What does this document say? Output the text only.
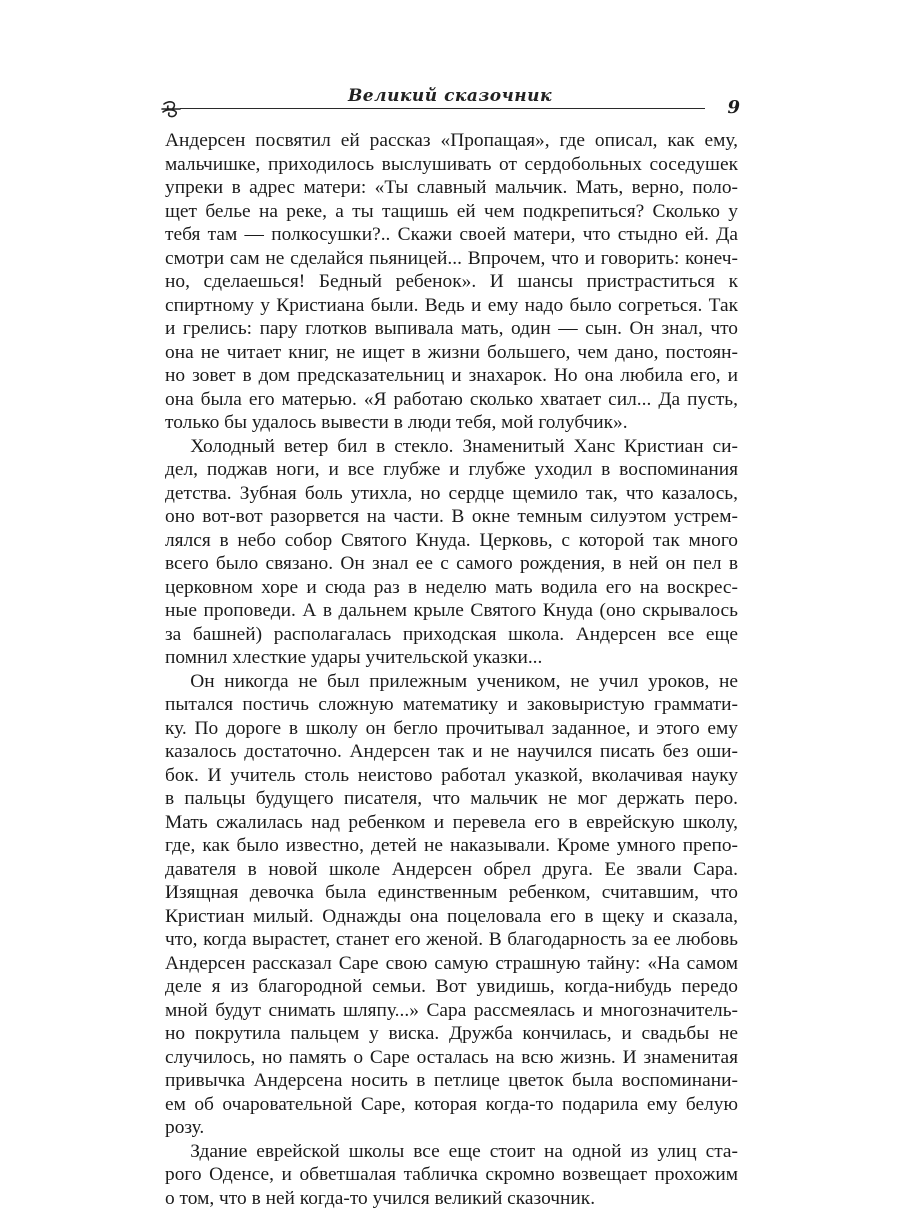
Великий сказочник
9
Андерсен посвятил ей рассказ «Пропащая», где описал, как ему,
мальчишке, приходилось выслушивать от сердобольных соседушек
упреки в адрес матери: «Ты славный мальчик. Мать, верно, поло-
щет белье на реке, а ты тащишь ей чем подкрепиться? Сколько у
тебя там — полкосушки?.. Скажи своей матери, что стыдно ей. Да
смотри сам не сделайся пьяницей... Впрочем, что и говорить: конеч-
но, сделаешься! Бедный ребенок». И шансы пристраститься к
спиртному у Кристиана были. Ведь и ему надо было согреться. Так
и грелись: пару глотков выпивала мать, один — сын. Он знал, что
она не читает книг, не ищет в жизни большего, чем дано, постоян-
но зовет в дом предсказательниц и знахарок. Но она любила его, и
она была его матерью. «Я работаю сколько хватает сил... Да пусть,
только бы удалось вывести в люди тебя, мой голубчик».
Холодный ветер бил в стекло. Знаменитый Ханс Кристиан си-
дел, поджав ноги, и все глубже и глубже уходил в воспоминания
детства. Зубная боль утихла, но сердце щемило так, что казалось,
оно вот-вот разорвется на части. В окне темным силуэтом устрем-
лялся в небо собор Святого Кнуда. Церковь, с которой так много
всего было связано. Он знал ее с самого рождения, в ней он пел в
церковном хоре и сюда раз в неделю мать водила его на воскрес-
ные проповеди. А в дальнем крыле Святого Кнуда (оно скрывалось
за башней) располагалась приходская школа. Андерсен все еще
помнил хлесткие удары учительской указки...
Он никогда не был прилежным учеником, не учил уроков, не
пытался постичь сложную математику и заковыристую граммати-
ку. По дороге в школу он бегло прочитывал заданное, и этого ему
казалось достаточно. Андерсен так и не научился писать без оши-
бок. И учитель столь неистово работал указкой, вколачивая науку
в пальцы будущего писателя, что мальчик не мог держать перо.
Мать сжалилась над ребенком и перевела его в еврейскую школу,
где, как было известно, детей не наказывали. Кроме умного препо-
давателя в новой школе Андерсен обрел друга. Ее звали Сара.
Изящная девочка была единственным ребенком, считавшим, что
Кристиан милый. Однажды она поцеловала его в щеку и сказала,
что, когда вырастет, станет его женой. В благодарность за ее любовь
Андерсен рассказал Саре свою самую страшную тайну: «На самом
деле я из благородной семьи. Вот увидишь, когда-нибудь передо
мной будут снимать шляпу...» Сара рассмеялась и многозначитель-
но покрутила пальцем у виска. Дружба кончилась, и свадьбы не
случилось, но память о Саре осталась на всю жизнь. И знаменитая
привычка Андерсена носить в петлице цветок была воспоминани-
ем об очаровательной Саре, которая когда-то подарила ему белую
розу.
Здание еврейской школы все еще стоит на одной из улиц ста-
рого Оденсе, и обветшалая табличка скромно возвещает прохожим
о том, что в ней когда-то учился великий сказочник.
